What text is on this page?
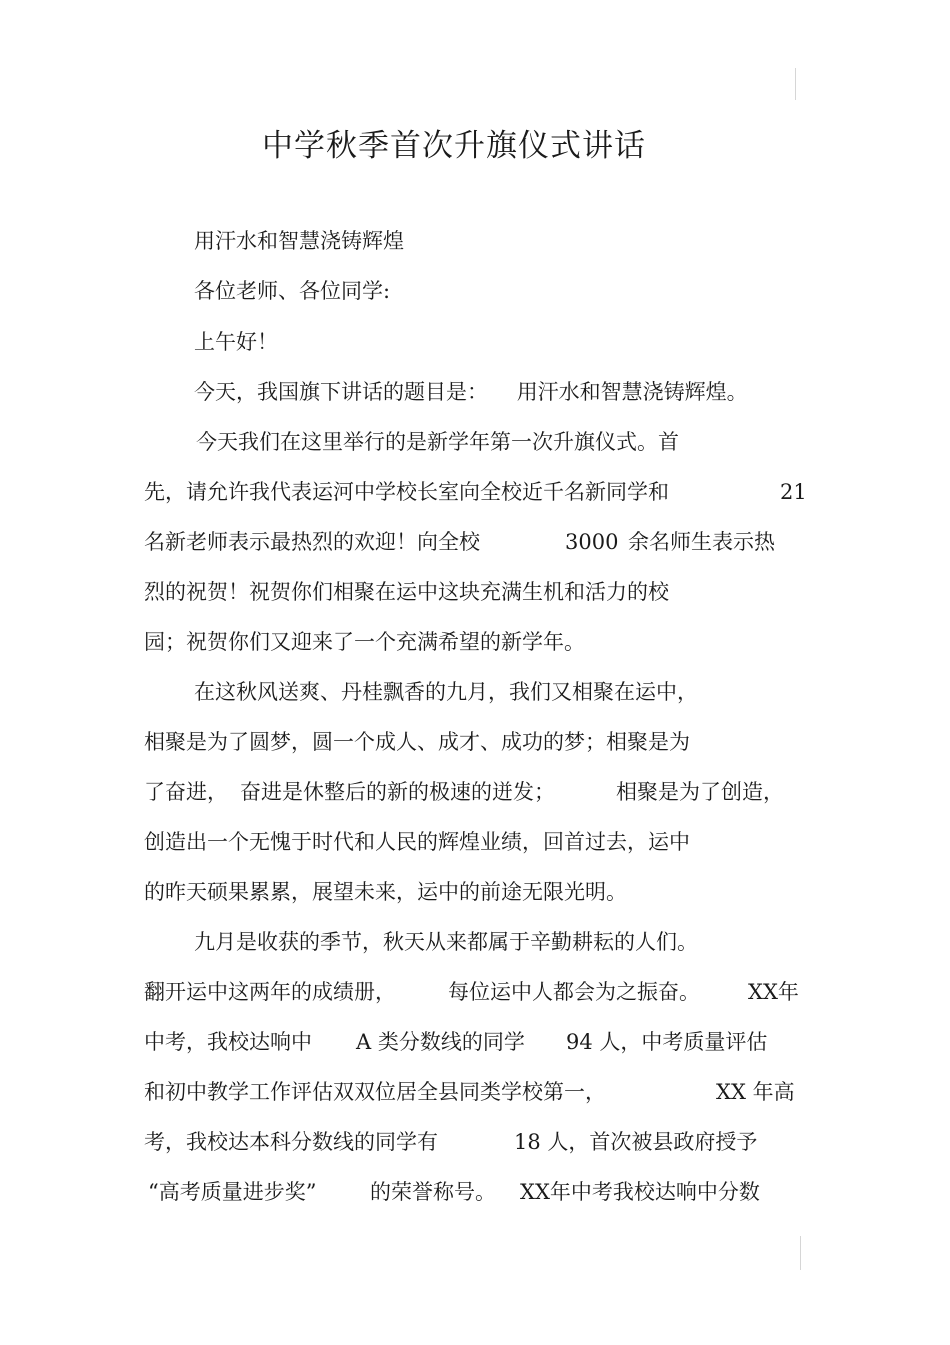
中学秋季首次升旗仪式讲话
用汗水和智慧浇铸辉煌
各位老师、各位同学:
上午好！
今天，我国旗下讲话的题目是： 用汗水和智慧浇铸辉煌。
今天我们在这里举行的是新学年第一次升旗仪式。首
先，请允许我代表运河中学校长室向全校近千名新同学和	21
名新老师表示最热烈的欢迎！向全校	3000 余名师生表示热
烈的祝贺！祝贺你们相聚在运中这块充满生机和活力的校
园；祝贺你们又迎来了一个充满希望的新学年。
在这秋风送爽、丹桂飘香的九月，我们又相聚在运中，
相聚是为了圆梦，圆一个成人、成才、成功的梦；相聚是为
了奋进， 奋进是休整后的新的极速的迸发；	相聚是为了创造，
创造出一个无愧于时代和人民的辉煌业绩，回首过去，运中
的昨天硕果累累，展望未来，运中的前途无限光明。
九月是收获的季节，秋天从来都属于辛勤耕耘的人们。
翻开运中这两年的成绩册， 每位运中人都会为之振奋。 XX年
中考，我校达响中 A 类分数线的同学 94 人，中考质量评估
和初中教学工作评估双双位居全县同类学校第一，	XX 年高
考，我校达本科分数线的同学有	18 人，首次被县政府授予
“高考质量进步奖”	的荣誉称号。 XX年中考我校达响中分数
